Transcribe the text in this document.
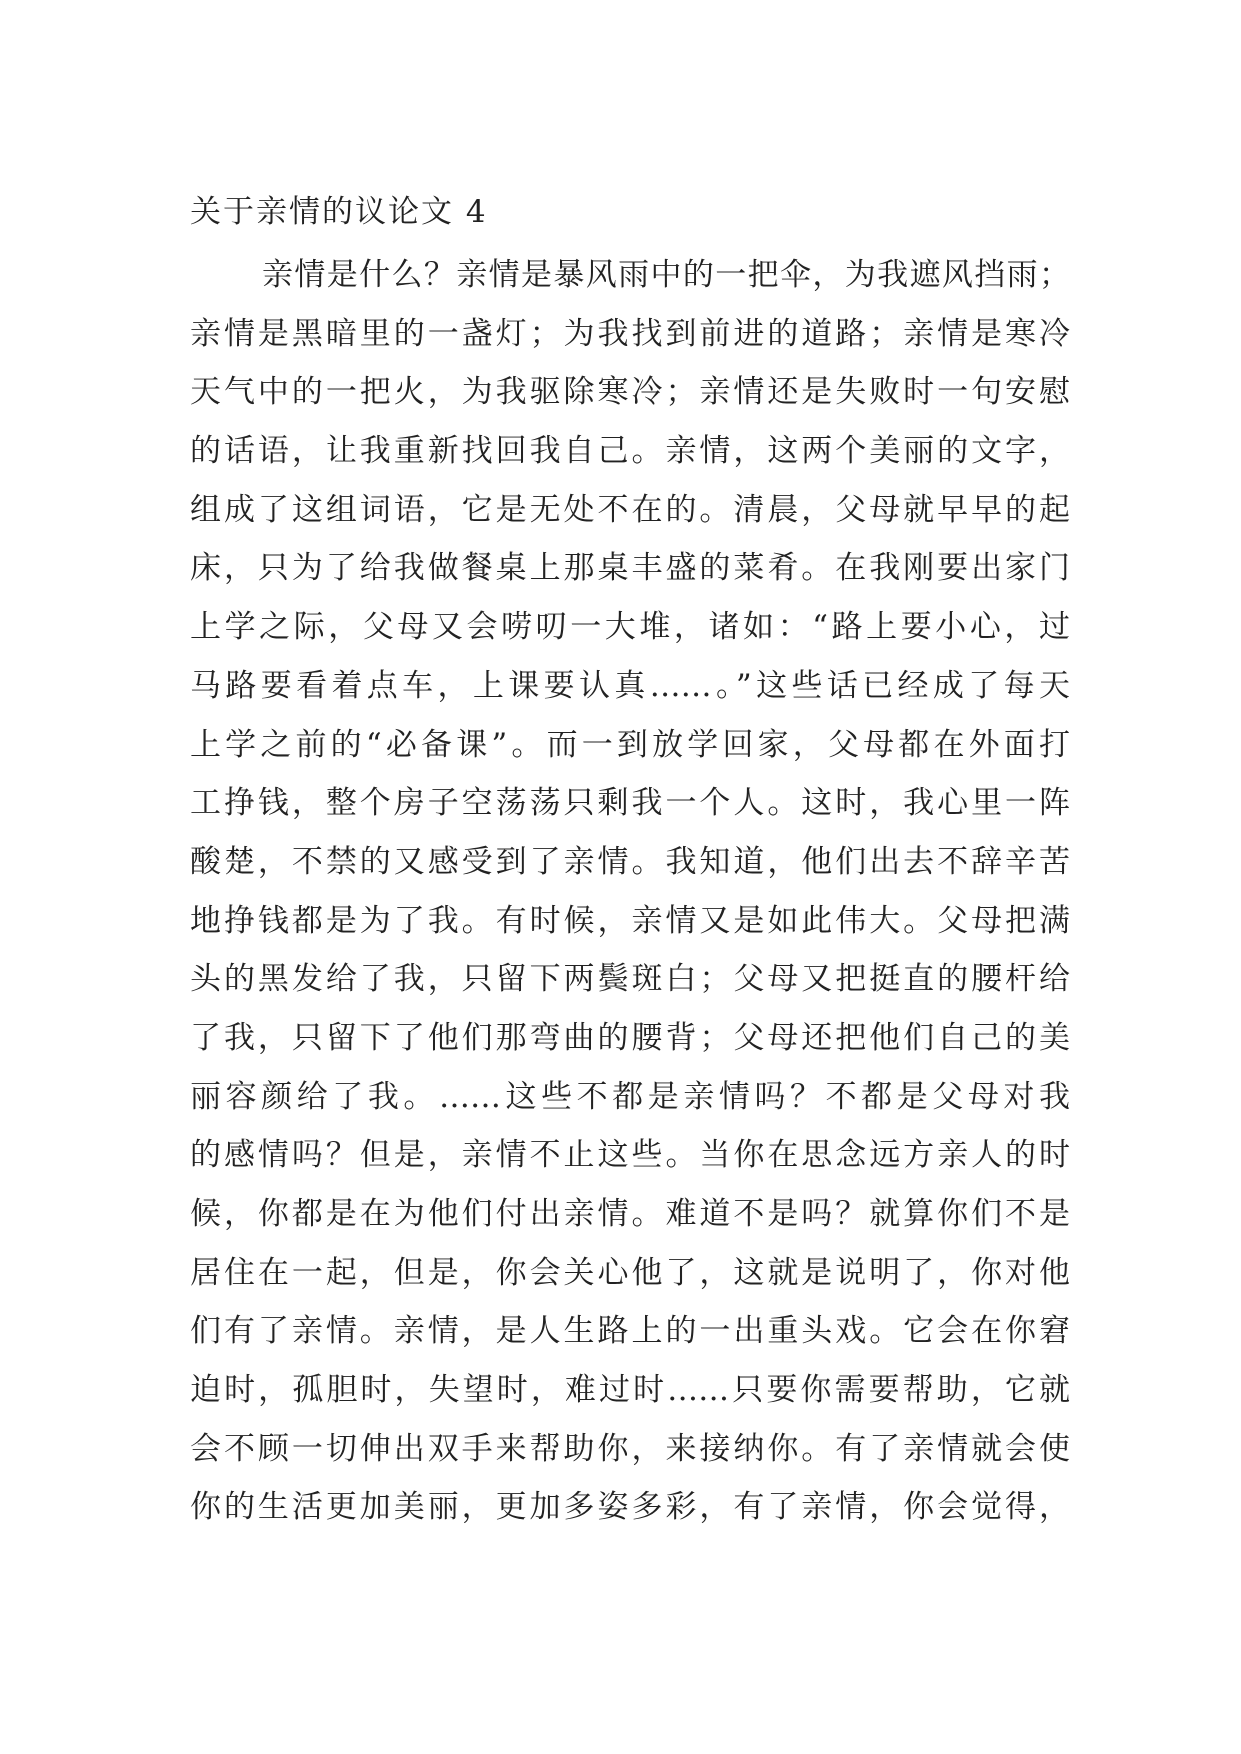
关于亲情的议论文 4
亲情是什么？亲情是暴风雨中的一把伞，为我遮风挡雨；
亲情是黑暗里的一盏灯；为我找到前进的道路；亲情是寒冷
天气中的一把火，为我驱除寒冷；亲情还是失败时一句安慰
的话语，让我重新找回我自己。亲情，这两个美丽的文字，
组成了这组词语，它是无处不在的。清晨，父母就早早的起
床，只为了给我做餐桌上那桌丰盛的菜肴。在我刚要出家门
上学之际，父母又会唠叨一大堆，诸如：“路上要小心，过
马路要看着点车，上课要认真……。”这些话已经成了每天
上学之前的“必备课”。而一到放学回家，父母都在外面打
工挣钱，整个房子空荡荡只剩我一个人。这时，我心里一阵
酸楚，不禁的又感受到了亲情。我知道，他们出去不辞辛苦
地挣钱都是为了我。有时候，亲情又是如此伟大。父母把满
头的黑发给了我，只留下两鬓斑白；父母又把挺直的腰杆给
了我，只留下了他们那弯曲的腰背；父母还把他们自己的美
丽容颜给了我。……这些不都是亲情吗？不都是父母对我
的感情吗？但是，亲情不止这些。当你在思念远方亲人的时
候，你都是在为他们付出亲情。难道不是吗？就算你们不是
居住在一起，但是，你会关心他了，这就是说明了，你对他
们有了亲情。亲情，是人生路上的一出重头戏。它会在你窘
迫时，孤胆时，失望时，难过时……只要你需要帮助，它就
会不顾一切伸出双手来帮助你，来接纳你。有了亲情就会使
你的生活更加美丽，更加多姿多彩，有了亲情，你会觉得，
